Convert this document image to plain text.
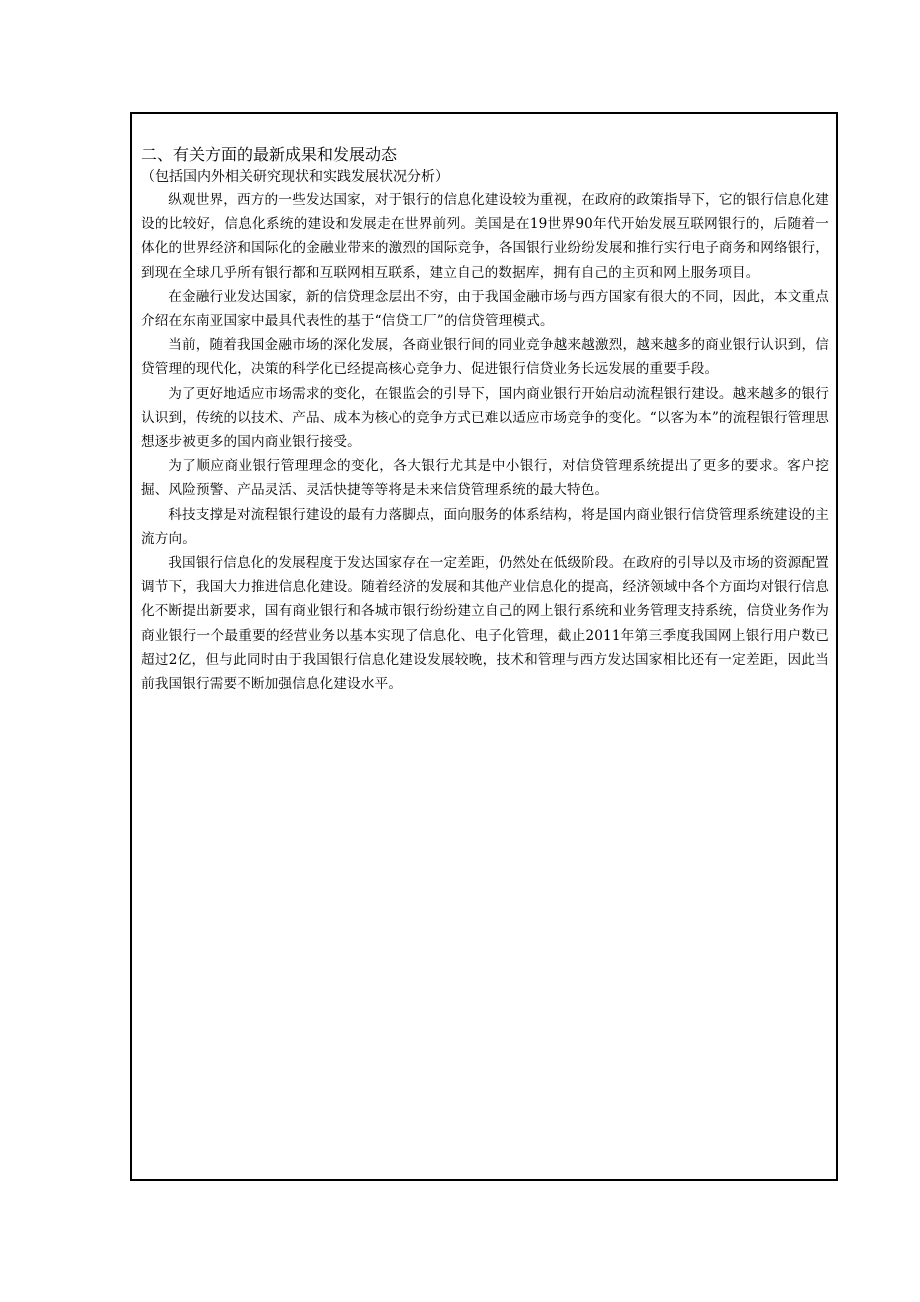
二、有关方面的最新成果和发展动态

（包括国内外相关研究现状和实践发展状况分析）

纵观世界，西方的一些发达国家，对于银行的信息化建设较为重视，在政府的政策指导下，它的银行信息化建设的比较好，信息化系统的建设和发展走在世界前列。美国是在19世界90年代开始发展互联网银行的，后随着一体化的世界经济和国际化的金融业带来的激烈的国际竞争，各国银行业纷纷发展和推行实行电子商务和网络银行，到现在全球几乎所有银行都和互联网相互联系，建立自己的数据库，拥有自己的主页和网上服务项目。

在金融行业发达国家，新的信贷理念层出不穷，由于我国金融市场与西方国家有很大的不同，因此，本文重点介绍在东南亚国家中最具代表性的基于“信贷工厂”的信贷管理模式。

当前，随着我国金融市场的深化发展，各商业银行间的同业竞争越来越激烈，越来越多的商业银行认识到，信贷管理的现代化，决策的科学化已经提高核心竞争力、促进银行信贷业务长远发展的重要手段。

为了更好地适应市场需求的变化，在银监会的引导下，国内商业银行开始启动流程银行建设。越来越多的银行认识到，传统的以技术、产品、成本为核心的竞争方式已难以适应市场竞争的变化。“以客为本”的流程银行管理思想逐步被更多的国内商业银行接受。

为了顺应商业银行管理理念的变化，各大银行尤其是中小银行，对信贷管理系统提出了更多的要求。客户挖掘、风险预警、产品灵活、灵活快捷等等将是未来信贷管理系统的最大特色。

科技支撑是对流程银行建设的最有力落脚点，面向服务的体系结构，将是国内商业银行信贷管理系统建设的主流方向。

我国银行信息化的发展程度于发达国家存在一定差距，仍然处在低级阶段。在政府的引导以及市场的资源配置调节下，我国大力推进信息化建设。随着经济的发展和其他产业信息化的提高，经济领域中各个方面均对银行信息化不断提出新要求，国有商业银行和各城市银行纷纷建立自己的网上银行系统和业务管理支持系统，信贷业务作为商业银行一个最重要的经营业务以基本实现了信息化、电子化管理，截止2011年第三季度我国网上银行用户数已超过2亿，但与此同时由于我国银行信息化建设发展较晚，技术和管理与西方发达国家相比还有一定差距，因此当前我国银行需要不断加强信息化建设水平。
